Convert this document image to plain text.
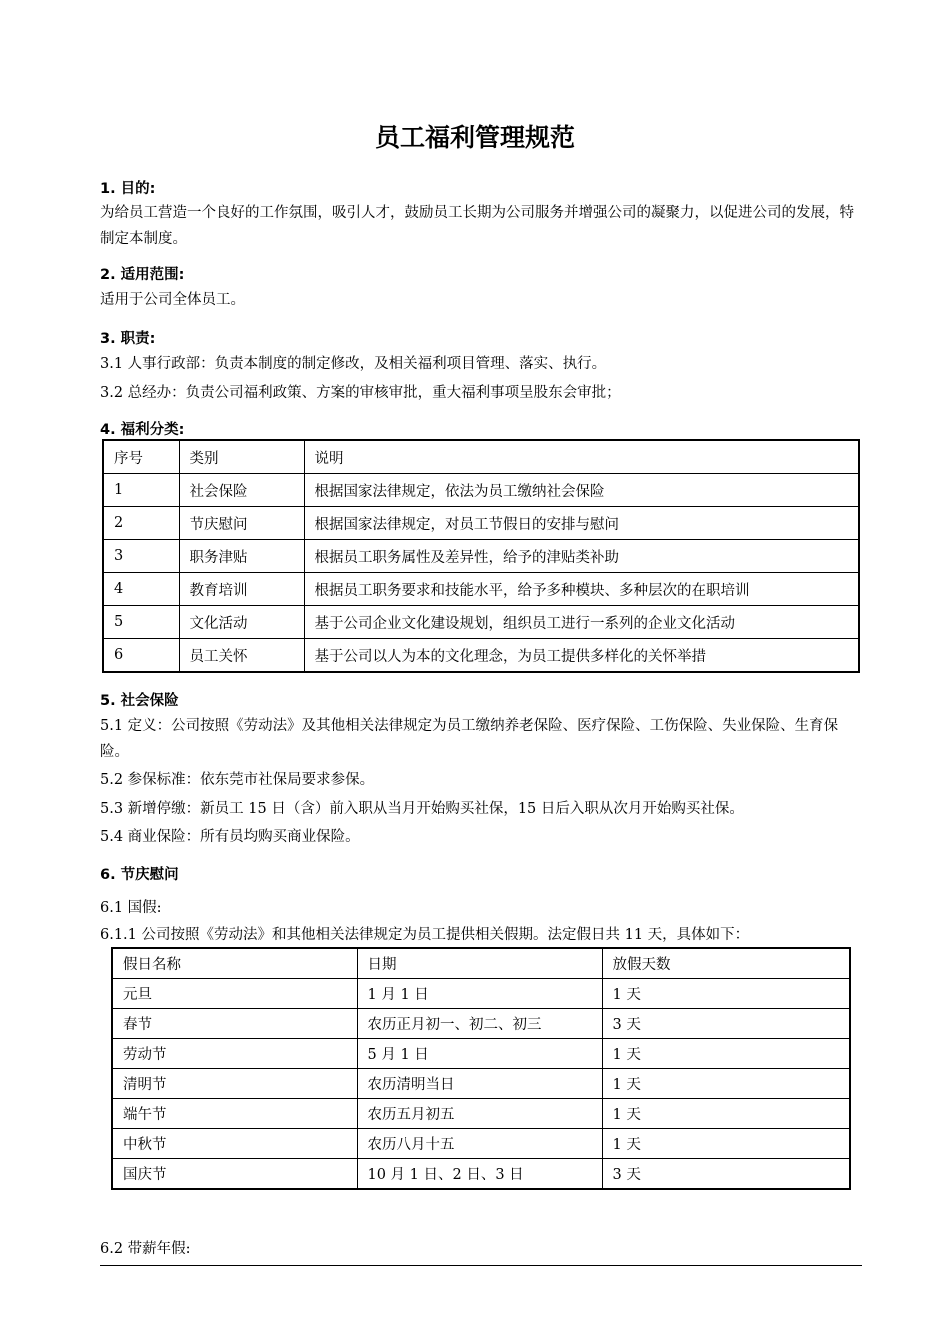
员工福利管理规范
1. 目的:
为给员工营造一个良好的工作氛围，吸引人才，鼓励员工长期为公司服务并增强公司的凝聚力，以促进公司的发展，特制定本制度。
2. 适用范围:
适用于公司全体员工。
3. 职责:
3.1 人事行政部：负责本制度的制定修改，及相关福利项目管理、落实、执行。
3.2 总经办：负责公司福利政策、方案的审核审批，重大福利事项呈股东会审批；
4. 福利分类:
序号	类别	说明
1	社会保险	根据国家法律规定，依法为员工缴纳社会保险
2	节庆慰问	根据国家法律规定，对员工节假日的安排与慰问
3	职务津贴	根据员工职务属性及差异性，给予的津贴类补助
4	教育培训	根据员工职务要求和技能水平，给予多种模块、多种层次的在职培训
5	文化活动	基于公司企业文化建设规划，组织员工进行一系列的企业文化活动
6	员工关怀	基于公司以人为本的文化理念，为员工提供多样化的关怀举措
5. 社会保险
5.1 定义：公司按照《劳动法》及其他相关法律规定为员工缴纳养老保险、医疗保险、工伤保险、失业保险、生育保险。
5.2 参保标准：依东莞市社保局要求参保。
5.3 新增停缴：新员工 15 日（含）前入职从当月开始购买社保，15 日后入职从次月开始购买社保。
5.4 商业保险：所有员均购买商业保险。
6. 节庆慰问
6.1 国假:
6.1.1 公司按照《劳动法》和其他相关法律规定为员工提供相关假期。法定假日共 11 天，具体如下：
假日名称	日期	放假天数
元旦	1 月 1 日	1 天
春节	农历正月初一、初二、初三	3 天
劳动节	5 月 1 日	1 天
清明节	农历清明当日	1 天
端午节	农历五月初五	1 天
中秋节	农历八月十五	1 天
国庆节	10 月 1 日、2 日、3 日	3 天
6.2 带薪年假:
